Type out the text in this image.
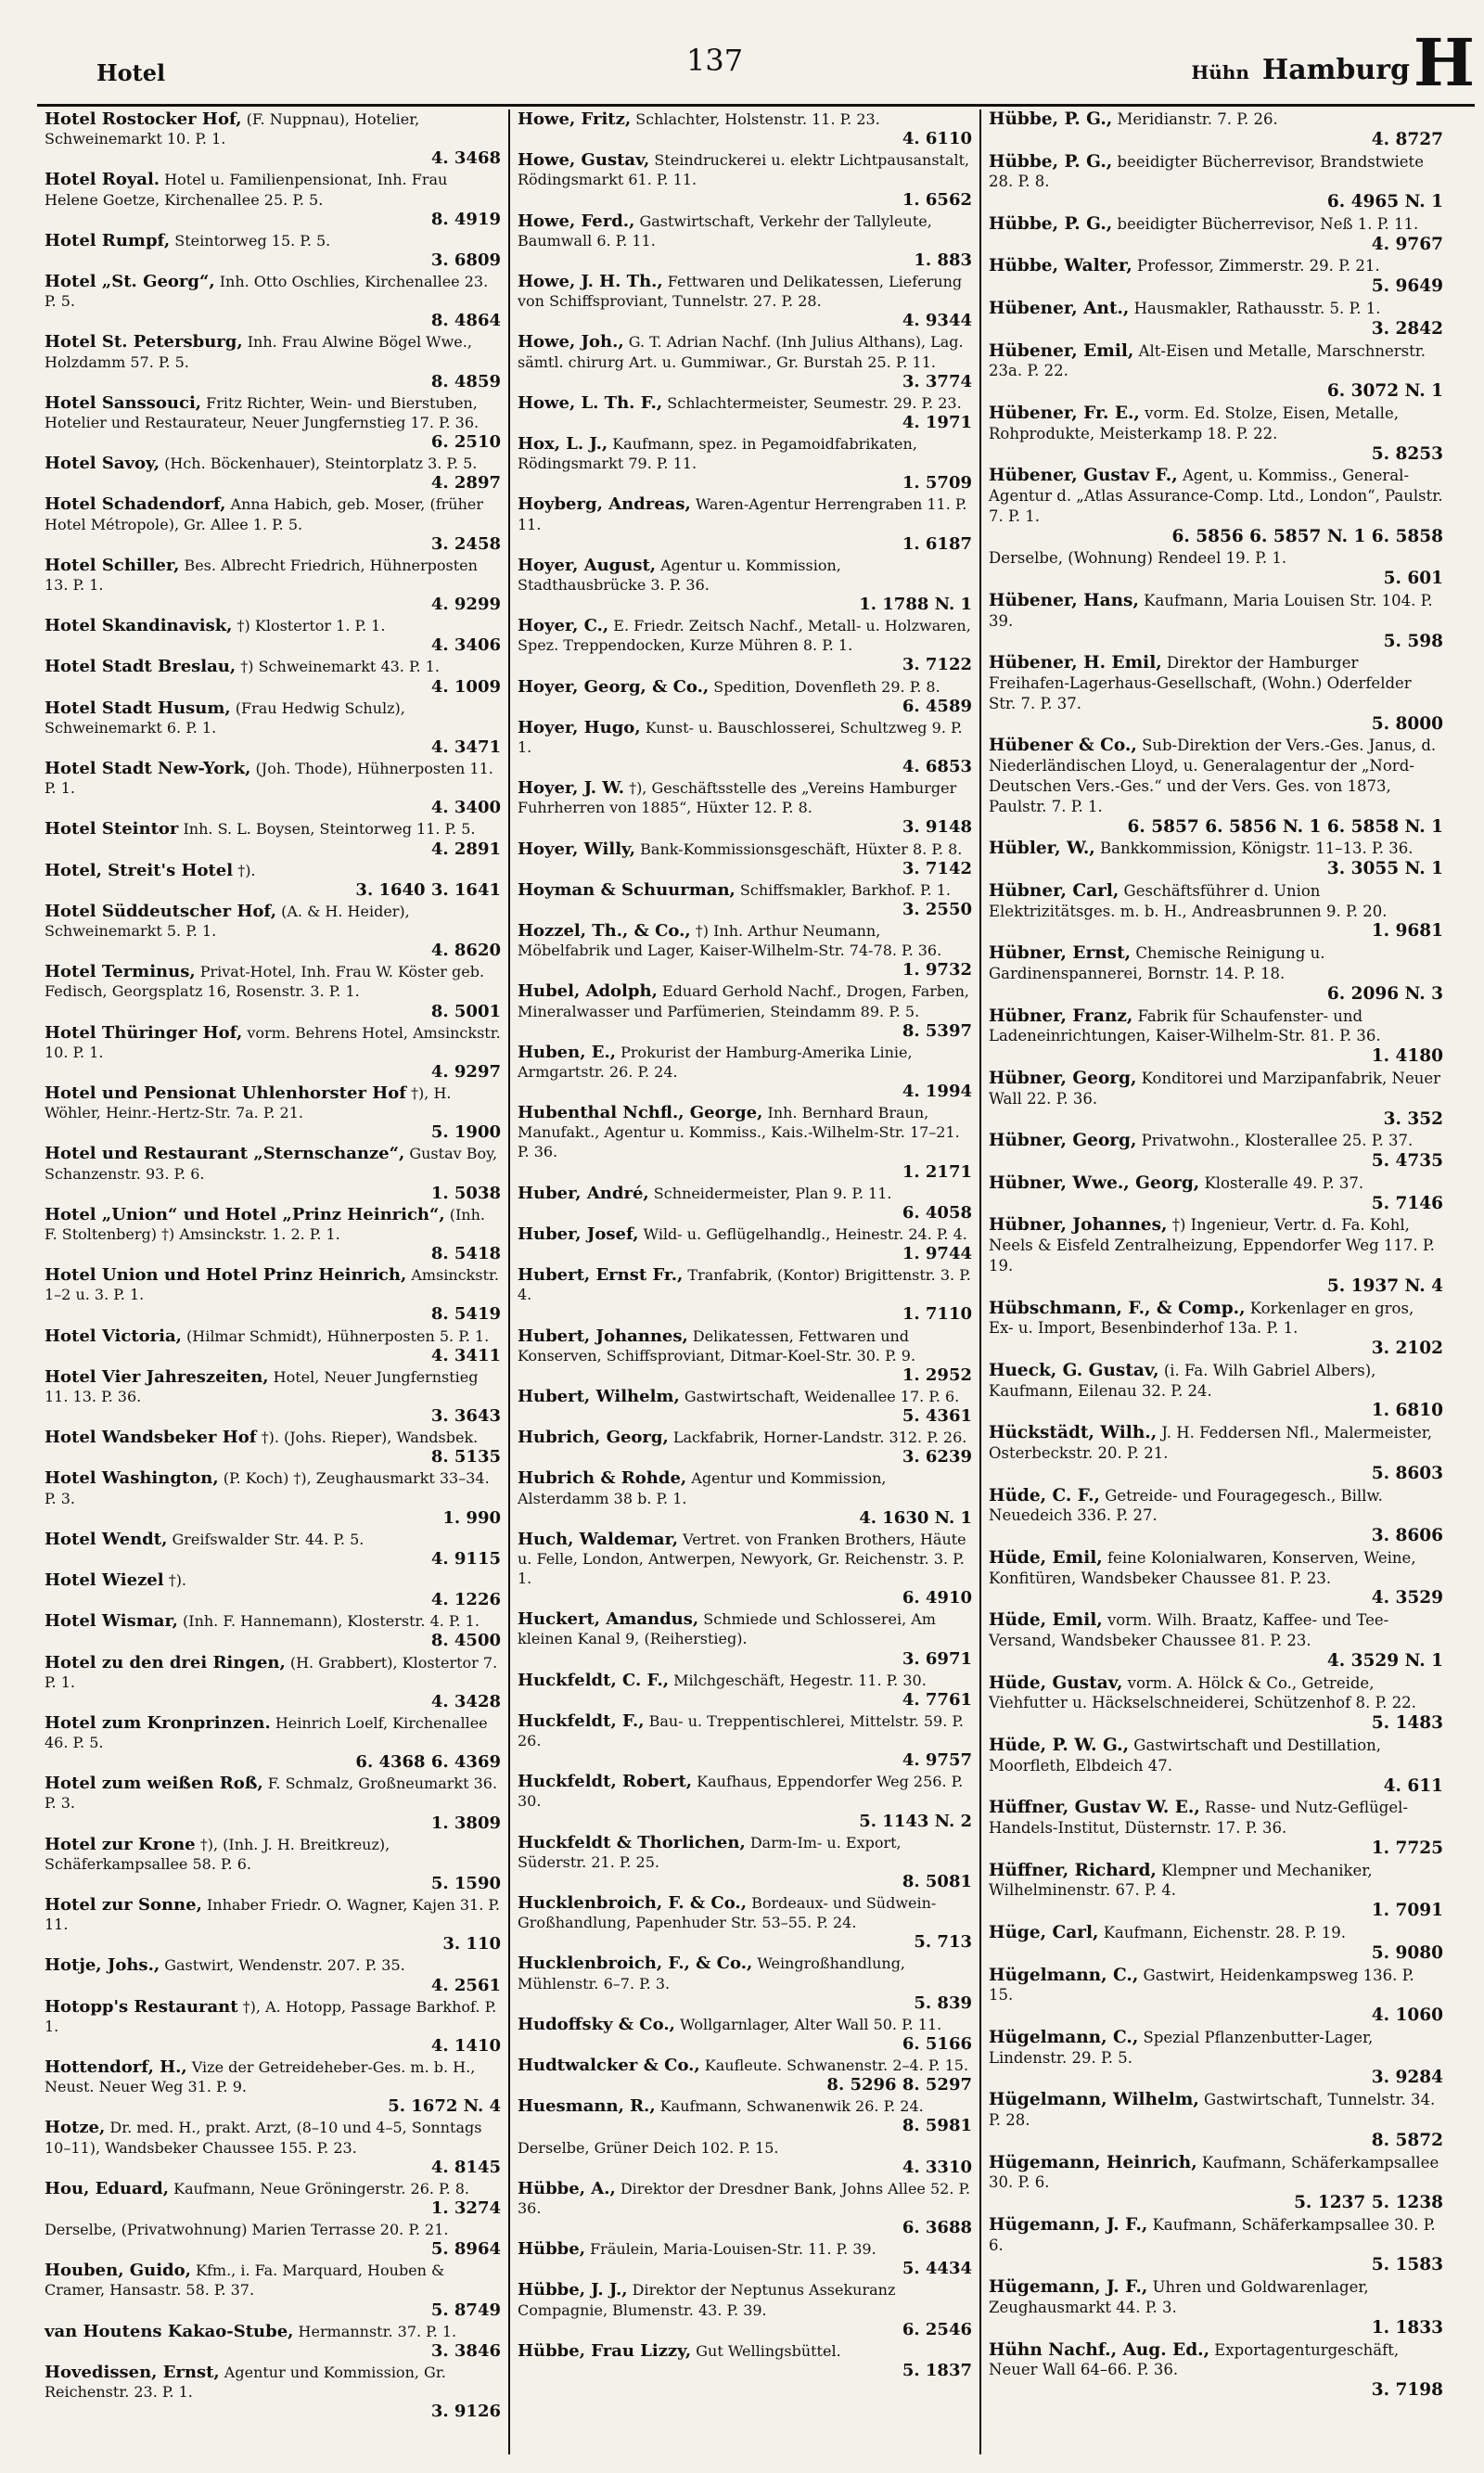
Hotel	137	Hühn Hamburg H
Hotel Rostocker Hof, (F. Nuppnau), Hotelier, Schweinemarkt 10. P. 1.
4. 3468
Hotel Royal. Hotel u. Familienpensionat, Inh. Frau Helene Goetze, Kirchenallee 25. P. 5.
8. 4919
Hotel Rumpf, Steintorweg 15. P. 5.
3. 6809
Hotel „St. Georg“, Inh. Otto Oschlies, Kirchenallee 23. P. 5.
8. 4864
Hotel St. Petersburg, Inh. Frau Alwine Bögel Wwe., Holzdamm 57. P. 5.
8. 4859
Hotel Sanssouci, Fritz Richter, Wein- und Bierstuben, Hotelier und Restaurateur, Neuer Jungfernstieg 17. P. 36.
6. 2510
Hotel Savoy, (Hch. Böckenhauer), Steintorplatz 3. P. 5.
4. 2897
Hotel Schadendorf, Anna Habich, geb. Moser, (früher Hotel Métropole), Gr. Allee 1. P. 5.
3. 2458
Hotel Schiller, Bes. Albrecht Friedrich, Hühnerposten 13. P. 1.
4. 9299
Hotel Skandinavisk, †) Klostertor 1. P. 1.
4. 3406
Hotel Stadt Breslau, †) Schweinemarkt 43. P. 1.
4. 1009
Hotel Stadt Husum, (Frau Hedwig Schulz), Schweinemarkt 6. P. 1.
4. 3471
Hotel Stadt New-York, (Joh. Thode), Hühnerposten 11. P. 1.
4. 3400
Hotel Steintor Inh. S. L. Boysen, Steintorweg 11. P. 5.
4. 2891
Hotel, Streit's Hotel †).
3. 1640 3. 1641
Hotel Süddeutscher Hof, (A. & H. Heider), Schweinemarkt 5. P. 1.
4. 8620
Hotel Terminus, Privat-Hotel, Inh. Frau W. Köster geb. Fedisch, Georgsplatz 16, Rosenstr. 3. P. 1.
8. 5001
Hotel Thüringer Hof, vorm. Behrens Hotel, Amsinckstr. 10. P. 1.
4. 9297
Hotel und Pensionat Uhlenhorster Hof †), H. Wöhler, Heinr.-Hertz-Str. 7a. P. 21.
5. 1900
Hotel und Restaurant „Sternschanze“, Gustav Boy, Schanzenstr. 93. P. 6.
1. 5038
Hotel „Union“ und Hotel „Prinz Heinrich“, (Inh. F. Stoltenberg) †) Amsinckstr. 1. 2. P. 1.
8. 5418
Hotel Union und Hotel Prinz Heinrich, Amsinckstr. 1–2 u. 3. P. 1.
8. 5419
Hotel Victoria, (Hilmar Schmidt), Hühnerposten 5. P. 1.
4. 3411
Hotel Vier Jahreszeiten, Hotel, Neuer Jungfernstieg 11. 13. P. 36.
3. 3643
Hotel Wandsbeker Hof †). (Johs. Rieper), Wandsbek.
8. 5135
Hotel Washington, (P. Koch) †), Zeughausmarkt 33–34. P. 3.
1. 990
Hotel Wendt, Greifswalder Str. 44. P. 5.
4. 9115
Hotel Wiezel †).
4. 1226
Hotel Wismar, (Inh. F. Hannemann), Klosterstr. 4. P. 1.
8. 4500
Hotel zu den drei Ringen, (H. Grabbert), Klostertor 7. P. 1.
4. 3428
Hotel zum Kronprinzen. Heinrich Loelf, Kirchenallee 46. P. 5.
6. 4368 6. 4369
Hotel zum weißen Roß, F. Schmalz, Großneumarkt 36. P. 3.
1. 3809
Hotel zur Krone †), (Inh. J. H. Breitkreuz), Schäferkampsallee 58. P. 6.
5. 1590
Hotel zur Sonne, Inhaber Friedr. O. Wagner, Kajen 31. P. 11.
3. 110
Hotje, Johs., Gastwirt, Wendenstr. 207. P. 35.
4. 2561
Hotopp's Restaurant †), A. Hotopp, Passage Barkhof. P. 1.
4. 1410
Hottendorf, H., Vize der Getreideheber-Ges. m. b. H., Neust. Neuer Weg 31. P. 9.
5. 1672 N. 4
Hotze, Dr. med. H., prakt. Arzt, (8–10 und 4–5, Sonntags 10–11), Wandsbeker Chaussee 155. P. 23.
4. 8145
Hou, Eduard, Kaufmann, Neue Gröningerstr. 26. P. 8.
1. 3274
Derselbe, (Privatwohnung) Marien Terrasse 20. P. 21.
5. 8964
Houben, Guido, Kfm., i. Fa. Marquard, Houben & Cramer, Hansastr. 58. P. 37.
5. 8749
van Houtens Kakao-Stube, Hermannstr. 37. P. 1.
3. 3846
Hovedissen, Ernst, Agentur und Kommission, Gr. Reichenstr. 23. P. 1.
3. 9126
Howe, Fritz, Schlachter, Holstenstr. 11. P. 23.
4. 6110
Howe, Gustav, Steindruckerei u. elektr Lichtpausanstalt, Rödingsmarkt 61. P. 11.
1. 6562
Howe, Ferd., Gastwirtschaft, Verkehr der Tallyleute, Baumwall 6. P. 11.
1. 883
Howe, J. H. Th., Fettwaren und Delikatessen, Lieferung von Schiffsproviant, Tunnelstr. 27. P. 28.
4. 9344
Howe, Joh., G. T. Adrian Nachf. (Inh Julius Althans), Lag. sämtl. chirurg Art. u. Gummiwar., Gr. Burstah 25. P. 11.
3. 3774
Howe, L. Th. F., Schlachtermeister, Seumestr. 29. P. 23.
4. 1971
Hox, L. J., Kaufmann, spez. in Pegamoidfabrikaten, Rödingsmarkt 79. P. 11.
1. 5709
Hoyberg, Andreas, Waren-Agentur Herrengraben 11. P. 11.
1. 6187
Hoyer, August, Agentur u. Kommission, Stadthausbrücke 3. P. 36.
1. 1788 N. 1
Hoyer, C., E. Friedr. Zeitsch Nachf., Metall- u. Holzwaren, Spez. Treppendocken, Kurze Mühren 8. P. 1.
3. 7122
Hoyer, Georg, & Co., Spedition, Dovenfleth 29. P. 8.
6. 4589
Hoyer, Hugo, Kunst- u. Bauschlosserei, Schultzweg 9. P. 1.
4. 6853
Hoyer, J. W. †), Geschäftsstelle des „Vereins Hamburger Fuhrherren von 1885“, Hüxter 12. P. 8.
3. 9148
Hoyer, Willy, Bank-Kommissionsgeschäft, Hüxter 8. P. 8.
3. 7142
Hoyman & Schuurman, Schiffsmakler, Barkhof. P. 1.
3. 2550
Hozzel, Th., & Co., †) Inh. Arthur Neumann, Möbelfabrik und Lager, Kaiser-Wilhelm-Str. 74-78. P. 36.
1. 9732
Hubel, Adolph, Eduard Gerhold Nachf., Drogen, Farben, Mineralwasser und Parfümerien, Steindamm 89. P. 5.
8. 5397
Huben, E., Prokurist der Hamburg-Amerika Linie, Armgartstr. 26. P. 24.
4. 1994
Hubenthal Nchfl., George, Inh. Bernhard Braun, Manufakt., Agentur u. Kommiss., Kais.-Wilhelm-Str. 17–21. P. 36.
1. 2171
Huber, André, Schneidermeister, Plan 9. P. 11.
6. 4058
Huber, Josef, Wild- u. Geflügelhandlg., Heinestr. 24. P. 4.
1. 9744
Hubert, Ernst Fr., Tranfabrik, (Kontor) Brigittenstr. 3. P. 4.
1. 7110
Hubert, Johannes, Delikatessen, Fettwaren und Konserven, Schiffsproviant, Ditmar-Koel-Str. 30. P. 9.
1. 2952
Hubert, Wilhelm, Gastwirtschaft, Weidenallee 17. P. 6.
5. 4361
Hubrich, Georg, Lackfabrik, Horner-Landstr. 312. P. 26.
3. 6239
Hubrich & Rohde, Agentur und Kommission, Alsterdamm 38 b. P. 1.
4. 1630 N. 1
Huch, Waldemar, Vertret. von Franken Brothers, Häute u. Felle, London, Antwerpen, Newyork, Gr. Reichenstr. 3. P. 1.
6. 4910
Huckert, Amandus, Schmiede und Schlosserei, Am kleinen Kanal 9, (Reiherstieg).
3. 6971
Huckfeldt, C. F., Milchgeschäft, Hegestr. 11. P. 30.
4. 7761
Huckfeldt, F., Bau- u. Treppentischlerei, Mittelstr. 59. P. 26.
4. 9757
Huckfeldt, Robert, Kaufhaus, Eppendorfer Weg 256. P. 30.
5. 1143 N. 2
Huckfeldt & Thorlichen, Darm-Im- u. Export, Süderstr. 21. P. 25.
8. 5081
Hucklenbroich, F. & Co., Bordeaux- und Südwein-Großhandlung, Papenhuder Str. 53–55. P. 24.
5. 713
Hucklenbroich, F., & Co., Weingroßhandlung, Mühlenstr. 6–7. P. 3.
5. 839
Hudoffsky & Co., Wollgarnlager, Alter Wall 50. P. 11.
6. 5166
Hudtwalcker & Co., Kaufleute. Schwanenstr. 2–4. P. 15.
8. 5296 8. 5297
Huesmann, R., Kaufmann, Schwanenwik 26. P. 24.
8. 5981
Derselbe, Grüner Deich 102. P. 15.
4. 3310
Hübbe, A., Direktor der Dresdner Bank, Johns Allee 52. P. 36.
6. 3688
Hübbe, Fräulein, Maria-Louisen-Str. 11. P. 39.
5. 4434
Hübbe, J. J., Direktor der Neptunus Assekuranz Compagnie, Blumenstr. 43. P. 39.
6. 2546
Hübbe, Frau Lizzy, Gut Wellingsbüttel.
5. 1837
Hübbe, P. G., Meridianstr. 7. P. 26.
4. 8727
Hübbe, P. G., beeidigter Bücherrevisor, Brandstwiete 28. P. 8.
6. 4965 N. 1
Hübbe, P. G., beeidigter Bücherrevisor, Neß 1. P. 11.
4. 9767
Hübbe, Walter, Professor, Zimmerstr. 29. P. 21.
5. 9649
Hübener, Ant., Hausmakler, Rathausstr. 5. P. 1.
3. 2842
Hübener, Emil, Alt-Eisen und Metalle, Marschnerstr. 23a. P. 22.
6. 3072 N. 1
Hübener, Fr. E., vorm. Ed. Stolze, Eisen, Metalle, Rohprodukte, Meisterkamp 18. P. 22.
5. 8253
Hübener, Gustav F., Agent, u. Kommiss., General-Agentur d. „Atlas Assurance-Comp. Ltd., London“, Paulstr. 7. P. 1.
6. 5856 6. 5857 N. 1 6. 5858
Derselbe, (Wohnung) Rendeel 19. P. 1.
5. 601
Hübener, Hans, Kaufmann, Maria Louisen Str. 104. P. 39.
5. 598
Hübener, H. Emil, Direktor der Hamburger Freihafen-Lagerhaus-Gesellschaft, (Wohn.) Oderfelder Str. 7. P. 37.
5. 8000
Hübener & Co., Sub-Direktion der Vers.-Ges. Janus, d. Niederländischen Lloyd, u. Generalagentur der „Nord-Deutschen Vers.-Ges.“ und der Vers. Ges. von 1873, Paulstr. 7. P. 1.
6. 5857 6. 5856 N. 1 6. 5858 N. 1
Hübler, W., Bankkommission, Königstr. 11–13. P. 36.
3. 3055 N. 1
Hübner, Carl, Geschäftsführer d. Union Elektrizitätsges. m. b. H., Andreasbrunnen 9. P. 20.
1. 9681
Hübner, Ernst, Chemische Reinigung u. Gardinenspannerei, Bornstr. 14. P. 18.
6. 2096 N. 3
Hübner, Franz, Fabrik für Schaufenster- und Ladeneinrichtungen, Kaiser-Wilhelm-Str. 81. P. 36.
1. 4180
Hübner, Georg, Konditorei und Marzipanfabrik, Neuer Wall 22. P. 36.
3. 352
Hübner, Georg, Privatwohn., Klosterallee 25. P. 37.
5. 4735
Hübner, Wwe., Georg, Klosteralle 49. P. 37.
5. 7146
Hübner, Johannes, †) Ingenieur, Vertr. d. Fa. Kohl, Neels & Eisfeld Zentralheizung, Eppendorfer Weg 117. P. 19.
5. 1937 N. 4
Hübschmann, F., & Comp., Korkenlager en gros, Ex- u. Import, Besenbinderhof 13a. P. 1.
3. 2102
Hueck, G. Gustav, (i. Fa. Wilh Gabriel Albers), Kaufmann, Eilenau 32. P. 24.
1. 6810
Hückstädt, Wilh., J. H. Feddersen Nfl., Malermeister, Osterbeckstr. 20. P. 21.
5. 8603
Hüde, C. F., Getreide- und Fouragegesch., Billw. Neuedeich 336. P. 27.
3. 8606
Hüde, Emil, feine Kolonialwaren, Konserven, Weine, Konfitüren, Wandsbeker Chaussee 81. P. 23.
4. 3529
Hüde, Emil, vorm. Wilh. Braatz, Kaffee- und Tee-Versand, Wandsbeker Chaussee 81. P. 23.
4. 3529 N. 1
Hüde, Gustav, vorm. A. Hölck & Co., Getreide, Viehfutter u. Häckselschneiderei, Schützenhof 8. P. 22.
5. 1483
Hüde, P. W. G., Gastwirtschaft und Destillation, Moorfleth, Elbdeich 47.
4. 611
Hüffner, Gustav W. E., Rasse- und Nutz-Geflügel-Handels-Institut, Düsternstr. 17. P. 36.
1. 7725
Hüffner, Richard, Klempner und Mechaniker, Wilhelminenstr. 67. P. 4.
1. 7091
Hüge, Carl, Kaufmann, Eichenstr. 28. P. 19.
5. 9080
Hügelmann, C., Gastwirt, Heidenkampsweg 136. P. 15.
4. 1060
Hügelmann, C., Spezial Pflanzenbutter-Lager, Lindenstr. 29. P. 5.
3. 9284
Hügelmann, Wilhelm, Gastwirtschaft, Tunnelstr. 34. P. 28.
8. 5872
Hügemann, Heinrich, Kaufmann, Schäferkampsallee 30. P. 6.
5. 1237 5. 1238
Hügemann, J. F., Kaufmann, Schäferkampsallee 30. P. 6.
5. 1583
Hügemann, J. F., Uhren und Goldwarenlager, Zeughausmarkt 44. P. 3.
1. 1833
Hühn Nachf., Aug. Ed., Exportagenturgeschäft, Neuer Wall 64–66. P. 36.
3. 7198
